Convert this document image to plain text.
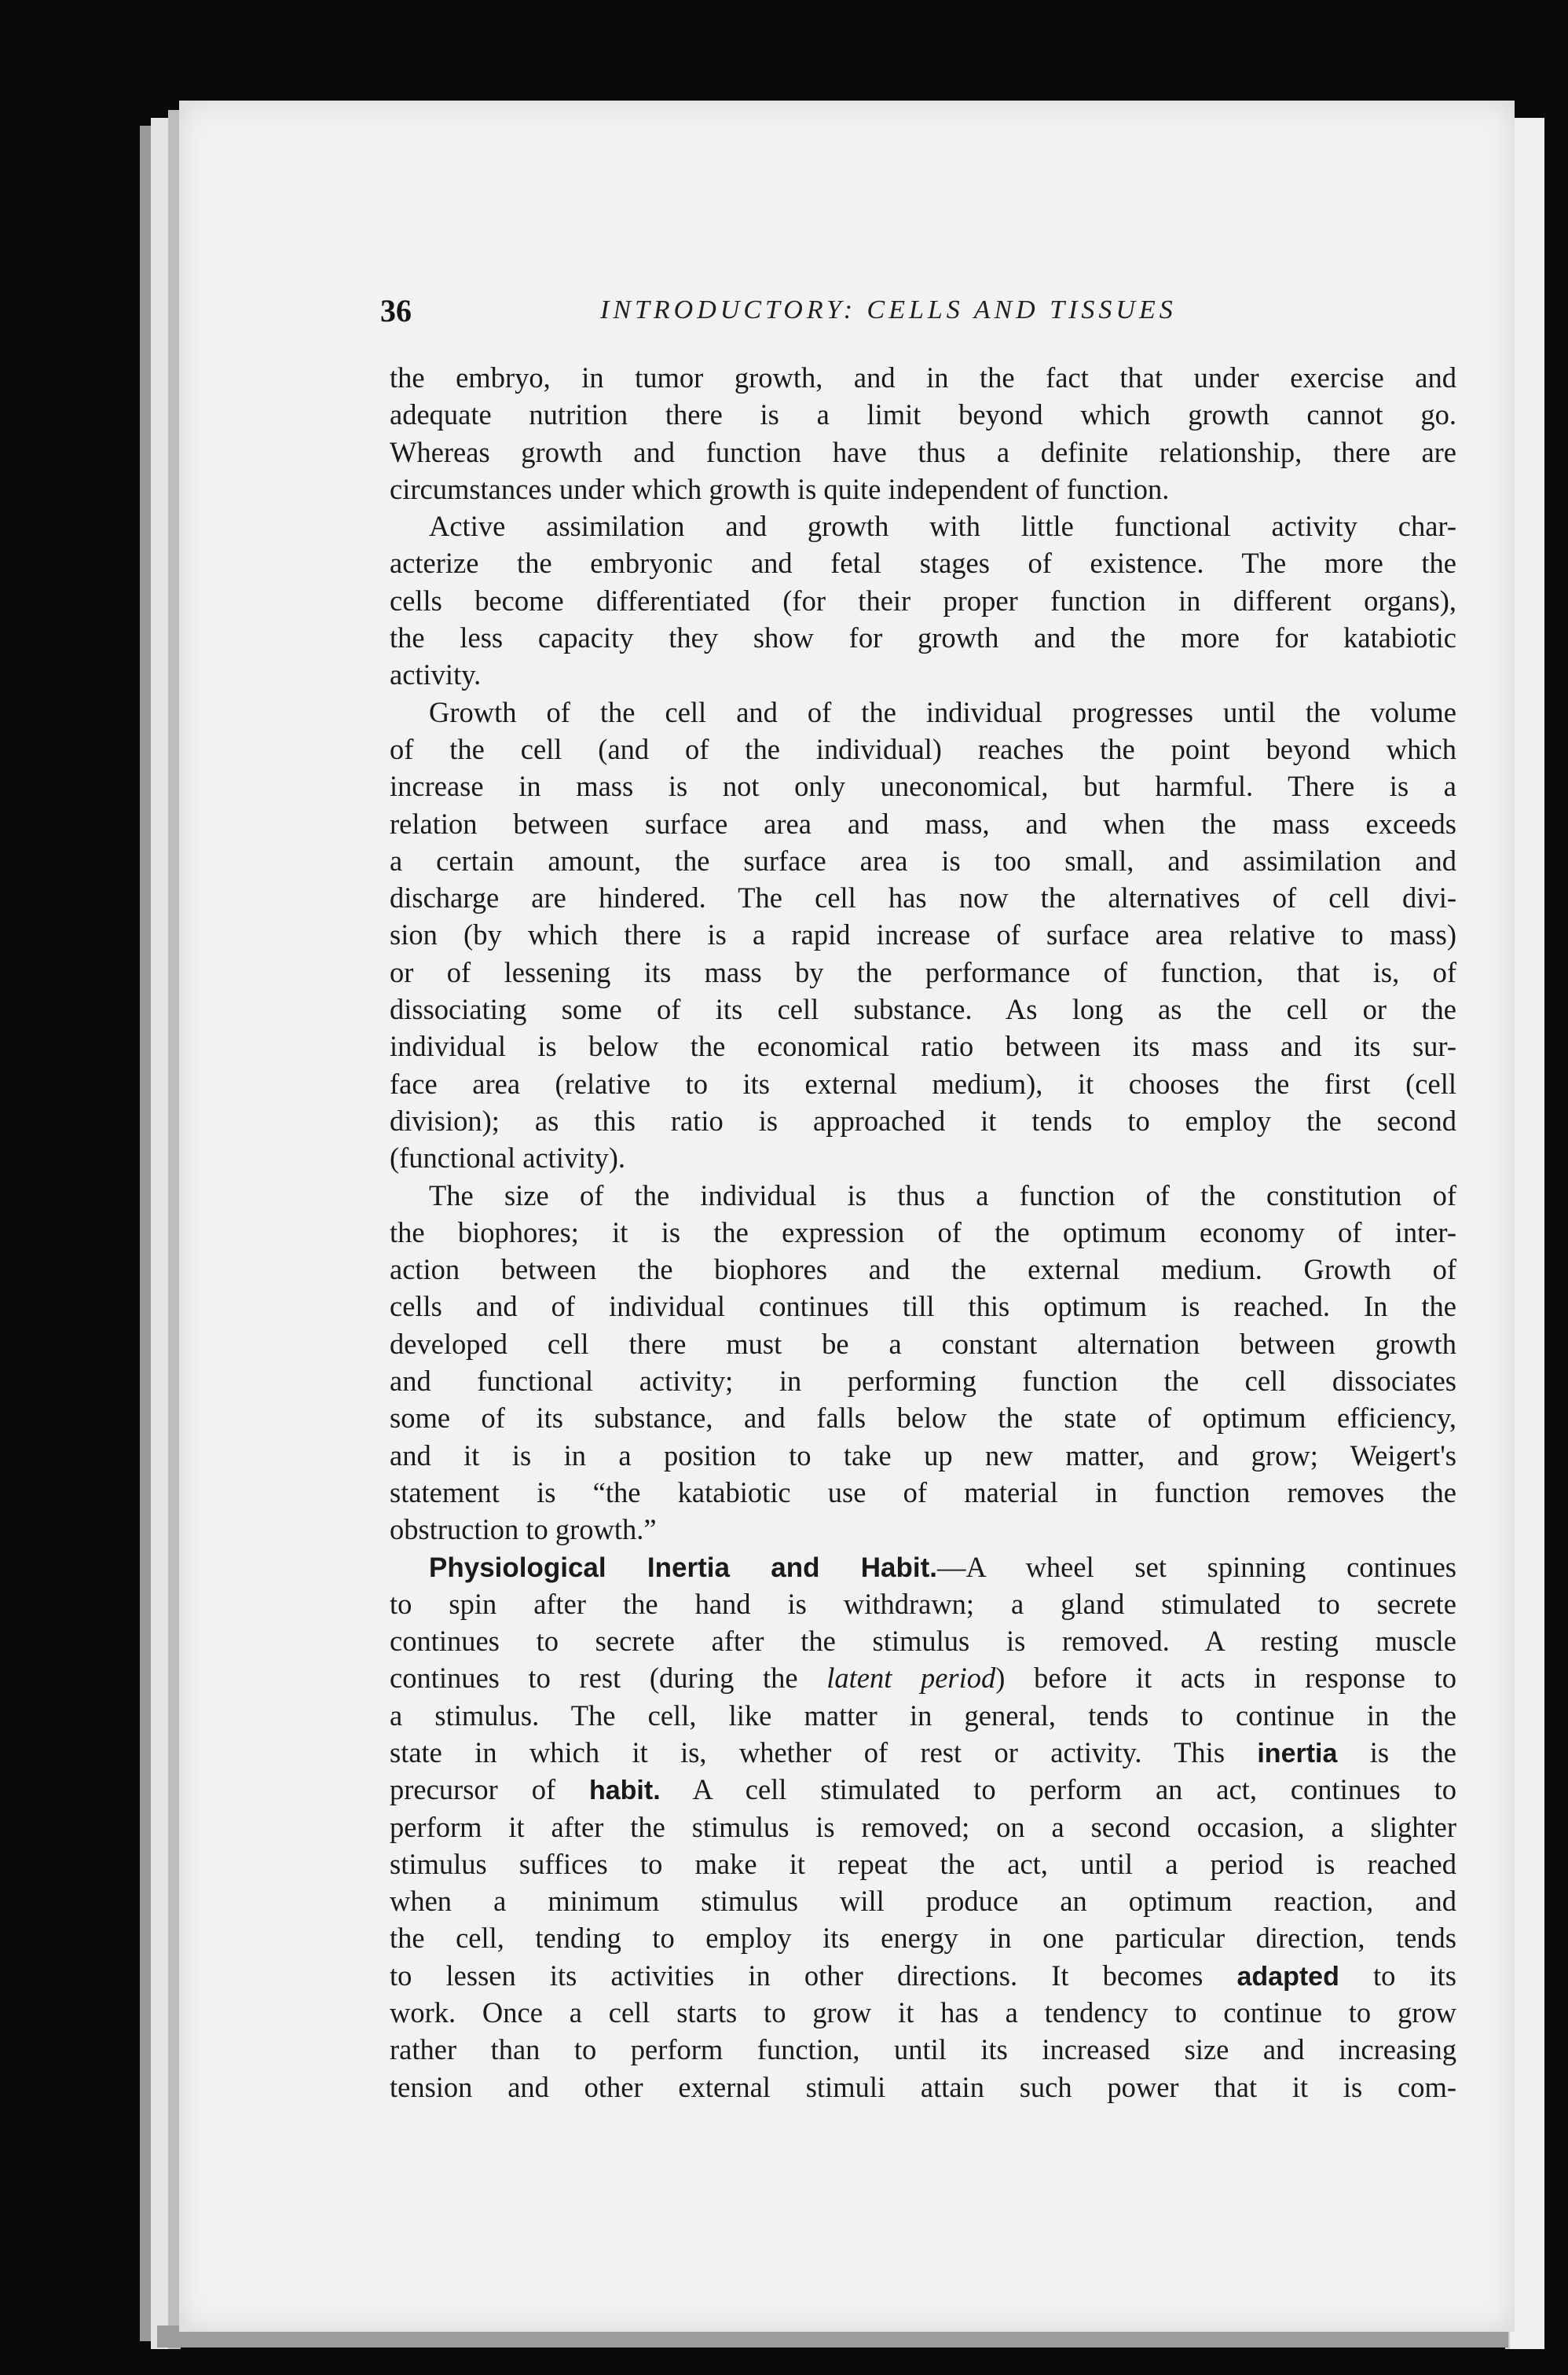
36	INTRODUCTORY: CELLS AND TISSUES
the embryo, in tumor growth, and in the fact that under exercise and
adequate nutrition there is a limit beyond which growth cannot go.
Whereas growth and function have thus a definite relationship, there are
circumstances under which growth is quite independent of function.
Active assimilation and growth with little functional activity char-
acterize the embryonic and fetal stages of existence. The more the
cells become differentiated (for their proper function in different organs),
the less capacity they show for growth and the more for katabiotic
activity.
Growth of the cell and of the individual progresses until the volume
of the cell (and of the individual) reaches the point beyond which
increase in mass is not only uneconomical, but harmful. There is a
relation between surface area and mass, and when the mass exceeds
a certain amount, the surface area is too small, and assimilation and
discharge are hindered. The cell has now the alternatives of cell divi-
sion (by which there is a rapid increase of surface area relative to mass)
or of lessening its mass by the performance of function, that is, of
dissociating some of its cell substance. As long as the cell or the
individual is below the economical ratio between its mass and its sur-
face area (relative to its external medium), it chooses the first (cell
division); as this ratio is approached it tends to employ the second
(functional activity).
The size of the individual is thus a function of the constitution of
the biophores; it is the expression of the optimum economy of inter-
action between the biophores and the external medium. Growth of
cells and of individual continues till this optimum is reached. In the
developed cell there must be a constant alternation between growth
and functional activity; in performing function the cell dissociates
some of its substance, and falls below the state of optimum efficiency,
and it is in a position to take up new matter, and grow; Weigert's
statement is “the katabiotic use of material in function removes the
obstruction to growth.”
Physiological Inertia and Habit.—A wheel set spinning continues
to spin after the hand is withdrawn; a gland stimulated to secrete
continues to secrete after the stimulus is removed. A resting muscle
continues to rest (during the latent period) before it acts in response to
a stimulus. The cell, like matter in general, tends to continue in the
state in which it is, whether of rest or activity. This inertia is the
precursor of habit. A cell stimulated to perform an act, continues to
perform it after the stimulus is removed; on a second occasion, a slighter
stimulus suffices to make it repeat the act, until a period is reached
when a minimum stimulus will produce an optimum reaction, and
the cell, tending to employ its energy in one particular direction, tends
to lessen its activities in other directions. It becomes adapted to its
work. Once a cell starts to grow it has a tendency to continue to grow
rather than to perform function, until its increased size and increasing
tension and other external stimuli attain such power that it is com-
